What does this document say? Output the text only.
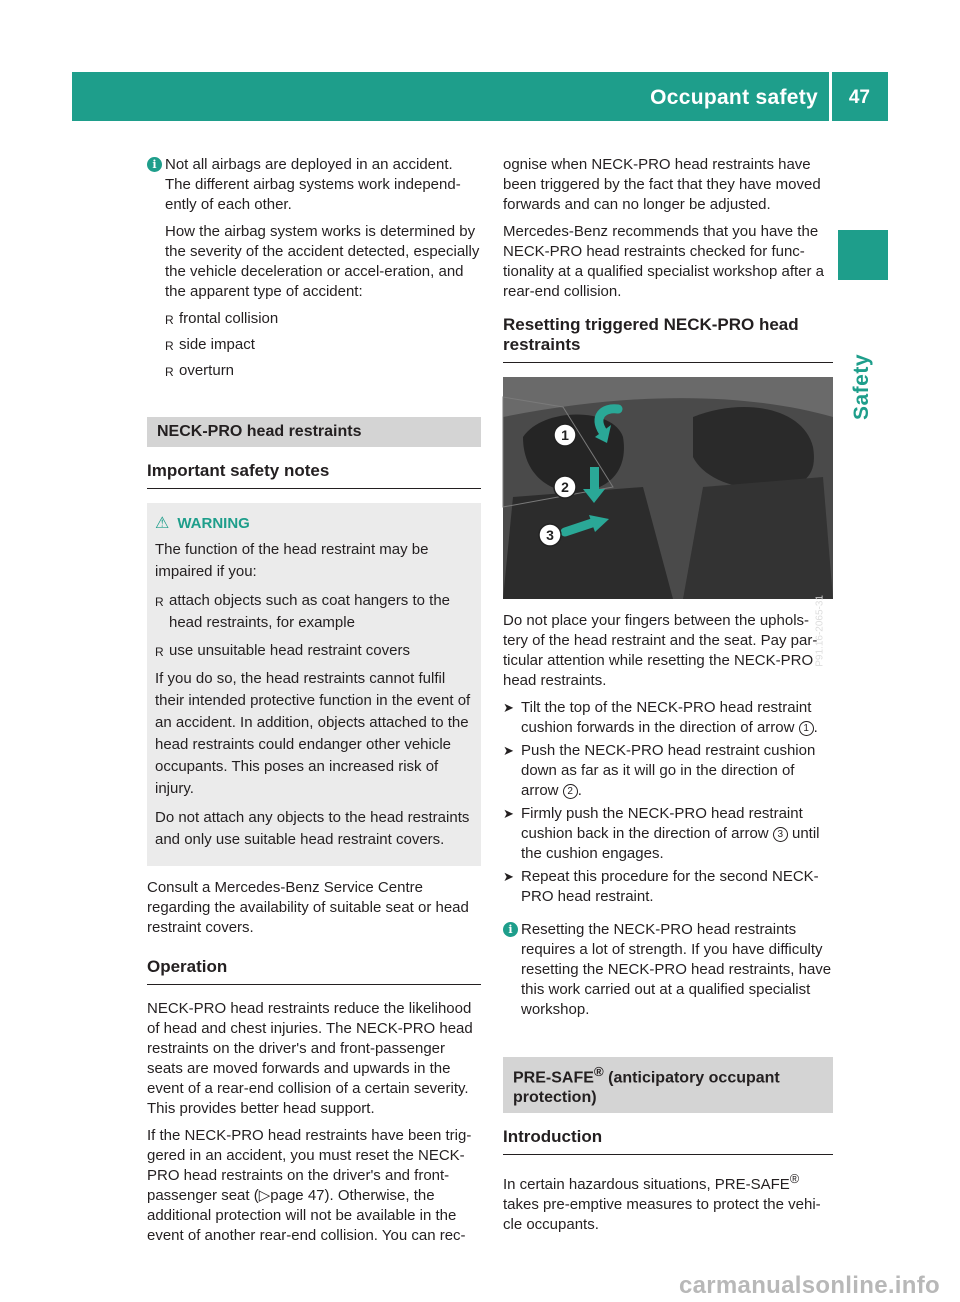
Occupant safety 47
Safety
i Not all airbags are deployed in an accident. The different airbag systems work independ-ently of each other.

How the airbag system works is determined by the severity of the accident detected, especially the vehicle deceleration or accel-eration, and the apparent type of accident:

R frontal collision
R side impact
R overturn
NECK-PRO head restraints
Important safety notes
⚠ WARNING

The function of the head restraint may be impaired if you:

R attach objects such as coat hangers to the head restraints, for example
R use unsuitable head restraint covers

If you do so, the head restraints cannot fulfil their intended protective function in the event of an accident. In addition, objects attached to the head restraints could endanger other vehicle occupants. This poses an increased risk of injury.

Do not attach any objects to the head restraints and only use suitable head restraint covers.

Consult a Mercedes-Benz Service Centre regarding the availability of suitable seat or head restraint covers.

Operation

NECK-PRO head restraints reduce the likelihood of head and chest injuries. The NECK-PRO head restraints on the driver's and front-passenger seats are moved forwards and upwards in the event of a rear-end collision of a certain severity. This provides better head support.

If the NECK-PRO head restraints have been trig-gered in an accident, you must reset the NECK-PRO head restraints on the driver's and front-passenger seat (▷page 47). Otherwise, the additional protection will not be available in the event of another rear-end collision. You can rec-

ognise when NECK-PRO head restraints have been triggered by the fact that they have moved forwards and can no longer be adjusted.

Mercedes-Benz recommends that you have the NECK-PRO head restraints checked for func-tionality at a qualified specialist workshop after a rear-end collision.

Resetting triggered NECK-PRO head restraints
1
2
3
P91.16-2065-31

Do not place your fingers between the uphols-tery of the head restraint and the seat. Pay par-ticular attention while resetting the NECK-PRO head restraints.

➤ Tilt the top of the NECK-PRO head restraint cushion forwards in the direction of arrow 1 .
➤ Push the NECK-PRO head restraint cushion down as far as it will go in the direction of arrow 2 .
➤ Firmly push the NECK-PRO head restraint cushion back in the direction of arrow 3 until the cushion engages.
➤ Repeat this procedure for the second NECK-PRO head restraint.
i Resetting the NECK-PRO head restraints requires a lot of strength. If you have difficulty resetting the NECK-PRO head restraints, have this work carried out at a qualified specialist workshop.

PRE-SAFE® (anticipatory occupant protection)
Introduction

In certain hazardous situations, PRE-SAFE® takes pre-emptive measures to protect the vehi-cle occupants.

carmanualsonline.info
